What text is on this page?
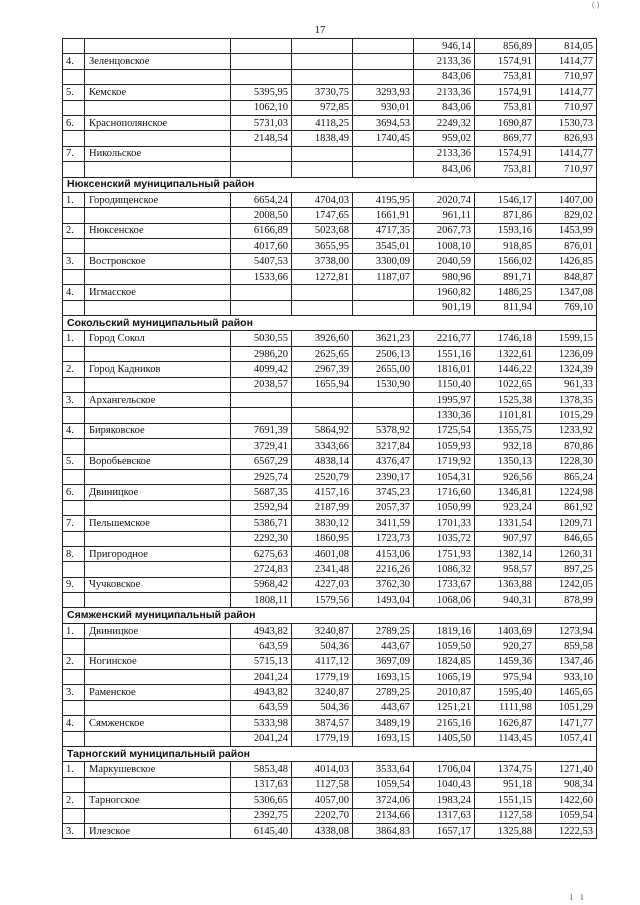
( )
17
					946,14	856,89	814,05
4.	Зеленцовское				2133,36	1574,91	1414,77
					843,06	753,81	710,97
5.	Кемское	5395,95	3730,75	3293,93	2133,36	1574,91	1414,77
		1062,10	972,85	930,01	843,06	753,81	710,97
6.	Краснополянское	5731,03	4118,25	3694,53	2249,32	1690,87	1530,73
		2148,54	1838,49	1740,45	959,02	869,77	826,93
7.	Никольское				2133,36	1574,91	1414,77
					843,06	753,81	710,97
Нюксенский муниципальный район							
1.	Городищенское	6654,24	4704,03	4195,95	2020,74	1546,17	1407,00
		2008,50	1747,65	1661,91	961,11	871,86	829,02
2.	Нюксенское	6166,89	5023,68	4717,35	2067,73	1593,16	1453,99
		4017,60	3655,95	3545,01	1008,10	918,85	876,01
3.	Востровское	5407,53	3738,00	3300,09	2040,59	1566,02	1426,85
		1533,66	1272,81	1187,07	980,96	891,71	848,87
4.	Игмасское				1960,82	1486,25	1347,08
					901,19	811,94	769,10
Сокольский муниципальный район							
1.	Город Сокол	5030,55	3926,60	3621,23	2216,77	1746,18	1599,15
		2986,20	2625,65	2506,13	1551,16	1322,61	1236,09
2.	Город Кадников	4099,42	2967,39	2655,00	1816,01	1446,22	1324,39
		2038,57	1655,94	1530,90	1150,40	1022,65	961,33
3.	Архангельское				1995,97	1525,38	1378,35
					1330,36	1101,81	1015,29
4.	Биряковское	7691,39	5864,92	5378,92	1725,54	1355,75	1233,92
		3729,41	3343,66	3217,84	1059,93	932,18	870,86
5.	Воробьевское	6567,29	4838,14	4376,47	1719,92	1350,13	1228,30
		2925,74	2520,79	2390,17	1054,31	926,56	865,24
6.	Двиницкое	5687,35	4157,16	3745,23	1716,60	1346,81	1224,98
		2592,94	2187,99	2057,37	1050,99	923,24	861,92
7.	Пельшемское	5386,71	3830,12	3411,59	1701,33	1331,54	1209,71
		2292,30	1860,95	1723,73	1035,72	907,97	846,65
8.	Пригородное	6275,63	4601,08	4153,06	1751,93	1382,14	1260,31
		2724,83	2341,48	2216,26	1086,32	958,57	897,25
9.	Чучковское	5968,42	4227,03	3762,30	1733,67	1363,88	1242,05
		1808,11	1579,56	1493,04	1068,06	940,31	878,99
Сямженский муниципальный район							
1.	Двиницкое	4943,82	3240,87	2789,25	1819,16	1403,69	1273,94
		643,59	504,36	443,67	1059,50	920,27	859,58
2.	Ногинское	5715,13	4117,12	3697,09	1824,85	1459,36	1347,46
		2041,24	1779,19	1693,15	1065,19	975,94	933,10
3.	Раменское	4943,82	3240,87	2789,25	2010,87	1595,40	1465,65
		643,59	504,36	443,67	1251,21	1111,98	1051,29
4.	Сямженское	5333,98	3874,57	3489,19	2165,16	1626,87	1471,77
		2041,24	1779,19	1693,15	1405,50	1143,45	1057,41
Тарногский муниципальный район							
1.	Маркушевское	5853,48	4014,03	3533,64	1706,04	1374,75	1271,40
		1317,63	1127,58	1059,54	1040,43	951,18	908,34
2.	Тарногское	5306,65	4057,00	3724,06	1983,24	1551,15	1422,60
		2392,75	2202,70	2134,66	1317,63	1127,58	1059,54
3.	Илезское	6145,40	4338,08	3864,83	1657,17	1325,88	1222,53
I I
